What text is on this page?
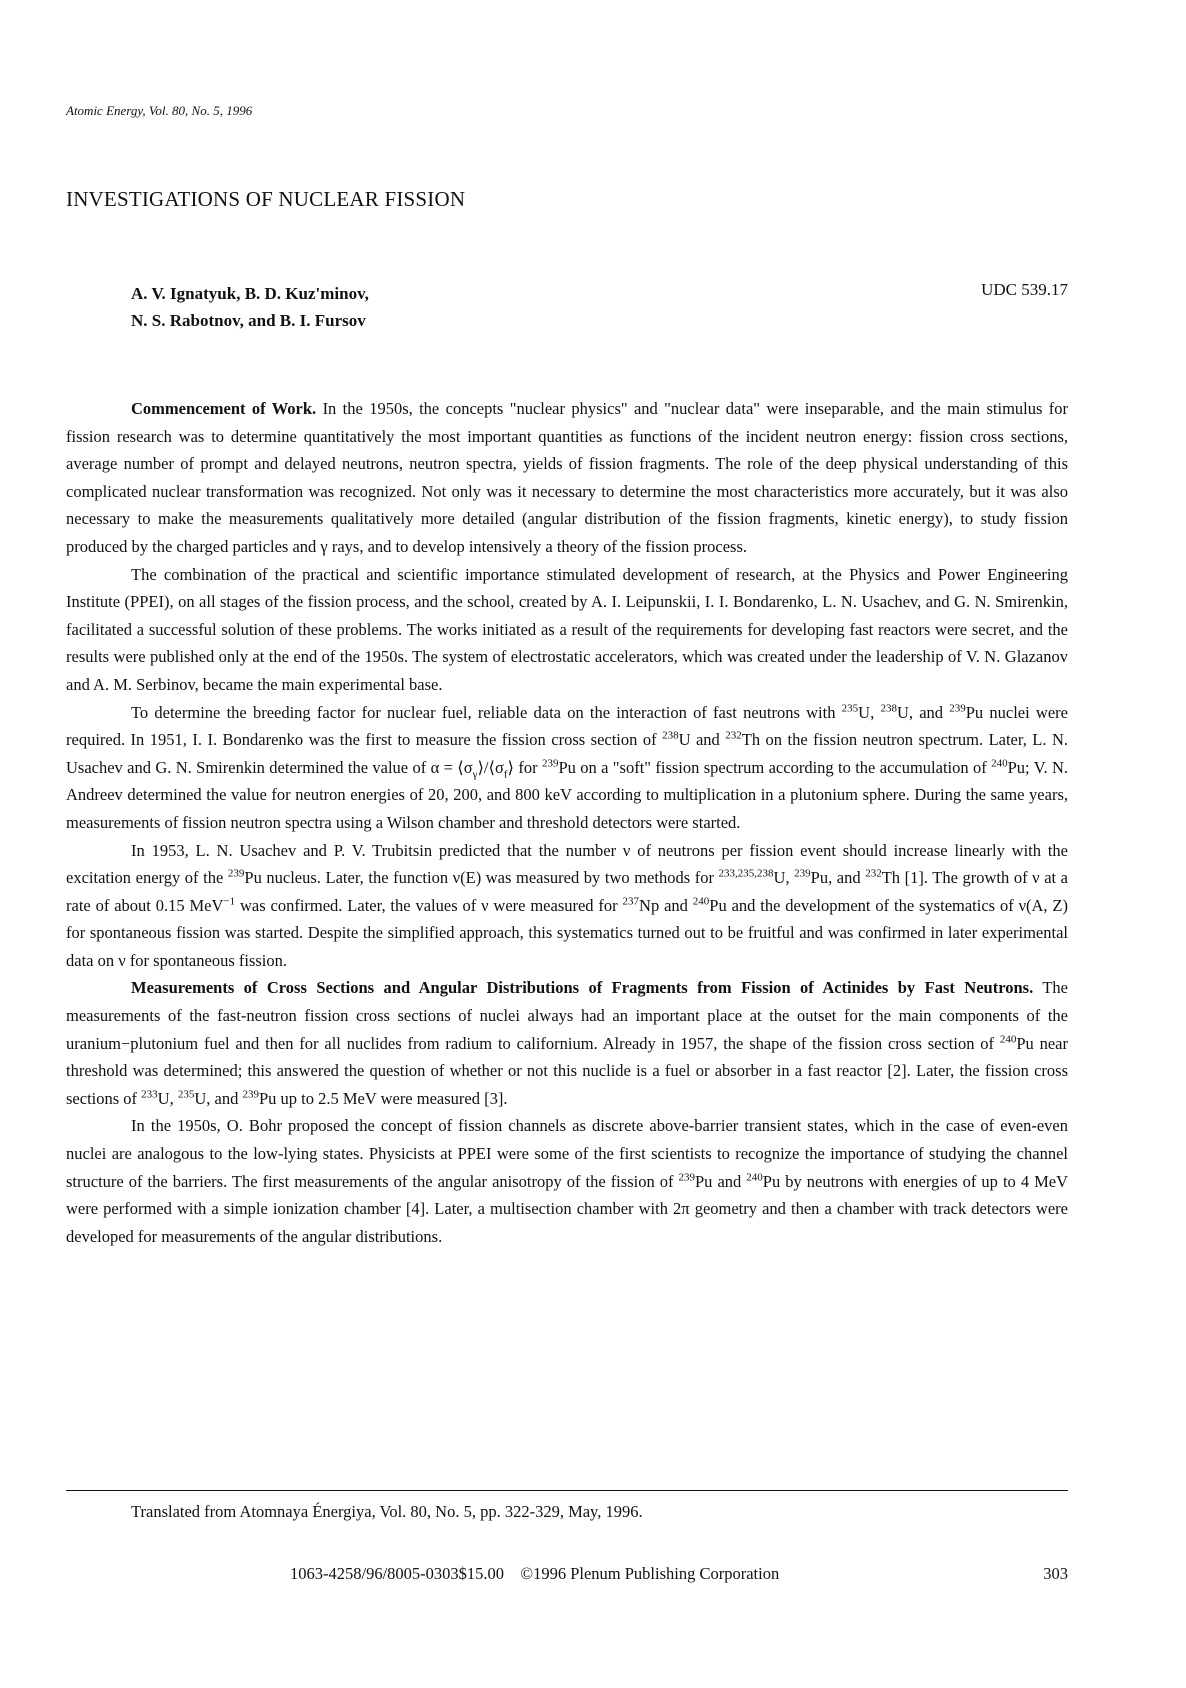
Atomic Energy, Vol. 80, No. 5, 1996
INVESTIGATIONS OF NUCLEAR FISSION
A. V. Ignatyuk, B. D. Kuz'minov,
N. S. Rabotnov, and B. I. Fursov
UDC 539.17

Commencement of Work. In the 1950s, the concepts "nuclear physics" and "nuclear data" were inseparable, and the main stimulus for fission research was to determine quantitatively the most important quantities as functions of the incident neutron energy: fission cross sections, average number of prompt and delayed neutrons, neutron spectra, yields of fission fragments. The role of the deep physical understanding of this complicated nuclear transformation was recognized. Not only was it necessary to determine the most characteristics more accurately, but it was also necessary to make the measurements qualitatively more detailed (angular distribution of the fission fragments, kinetic energy), to study fission produced by the charged particles and γ rays, and to develop intensively a theory of the fission process.

The combination of the practical and scientific importance stimulated development of research, at the Physics and Power Engineering Institute (PPEI), on all stages of the fission process, and the school, created by A. I. Leipunskii, I. I. Bondarenko, L. N. Usachev, and G. N. Smirenkin, facilitated a successful solution of these problems. The works initiated as a result of the requirements for developing fast reactors were secret, and the results were published only at the end of the 1950s. The system of electrostatic accelerators, which was created under the leadership of V. N. Glazanov and A. M. Serbinov, became the main experimental base.

To determine the breeding factor for nuclear fuel, reliable data on the interaction of fast neutrons with $^{235}$U, $^{238}$U, and $^{239}$Pu nuclei were required. In 1951, I. I. Bondarenko was the first to measure the fission cross section of $^{238}$U and $^{232}$Th on the fission neutron spectrum. Later, L. N. Usachev and G. N. Smirenkin determined the value of $\alpha = ⟨\sigma_\gamma⟩/⟨\sigma_f⟩$ for $^{239}$Pu on a "soft" fission spectrum according to the accumulation of $^{240}$Pu; V. N. Andreev determined the value for neutron energies of 20, 200, and 800 keV according to multiplication in a plutonium sphere. During the same years, measurements of fission neutron spectra using a Wilson chamber and threshold detectors were started.

In 1953, L. N. Usachev and P. V. Trubitsin predicted that the number ν of neutrons per fission event should increase linearly with the excitation energy of the $^{239}$Pu nucleus. Later, the function ν(E) was measured by two methods for $^{233,235,238}$U, $^{239}$Pu, and $^{232}$Th [1]. The growth of ν at a rate of about 0.15 MeV$^{-1}$ was confirmed. Later, the values of ν were measured for $^{237}$Np and $^{240}$Pu and the development of the systematics of ν(A, Z) for spontaneous fission was started. Despite the simplified approach, this systematics turned out to be fruitful and was confirmed in later experimental data on ν for spontaneous fission.

Measurements of Cross Sections and Angular Distributions of Fragments from Fission of Actinides by Fast Neutrons. The measurements of the fast-neutron fission cross sections of nuclei always had an important place at the outset for the main components of the uranium−plutonium fuel and then for all nuclides from radium to californium. Already in 1957, the shape of the fission cross section of $^{240}$Pu near threshold was determined; this answered the question of whether or not this nuclide is a fuel or absorber in a fast reactor [2]. Later, the fission cross sections of $^{233}$U, $^{235}$U, and $^{239}$Pu up to 2.5 MeV were measured [3].

In the 1950s, O. Bohr proposed the concept of fission channels as discrete above-barrier transient states, which in the case of even-even nuclei are analogous to the low-lying states. Physicists at PPEI were some of the first scientists to recognize the importance of studying the channel structure of the barriers. The first measurements of the angular anisotropy of the fission of $^{239}$Pu and $^{240}$Pu by neutrons with energies of up to 4 MeV were performed with a simple ionization chamber [4]. Later, a multisection chamber with 2π geometry and then a chamber with track detectors were developed for measurements of the angular distributions.

Translated from Atomnaya Énergiya, Vol. 80, No. 5, pp. 322-329, May, 1996.
1063-4258/96/8005-0303$15.00 ©1996 Plenum Publishing Corporation	303
